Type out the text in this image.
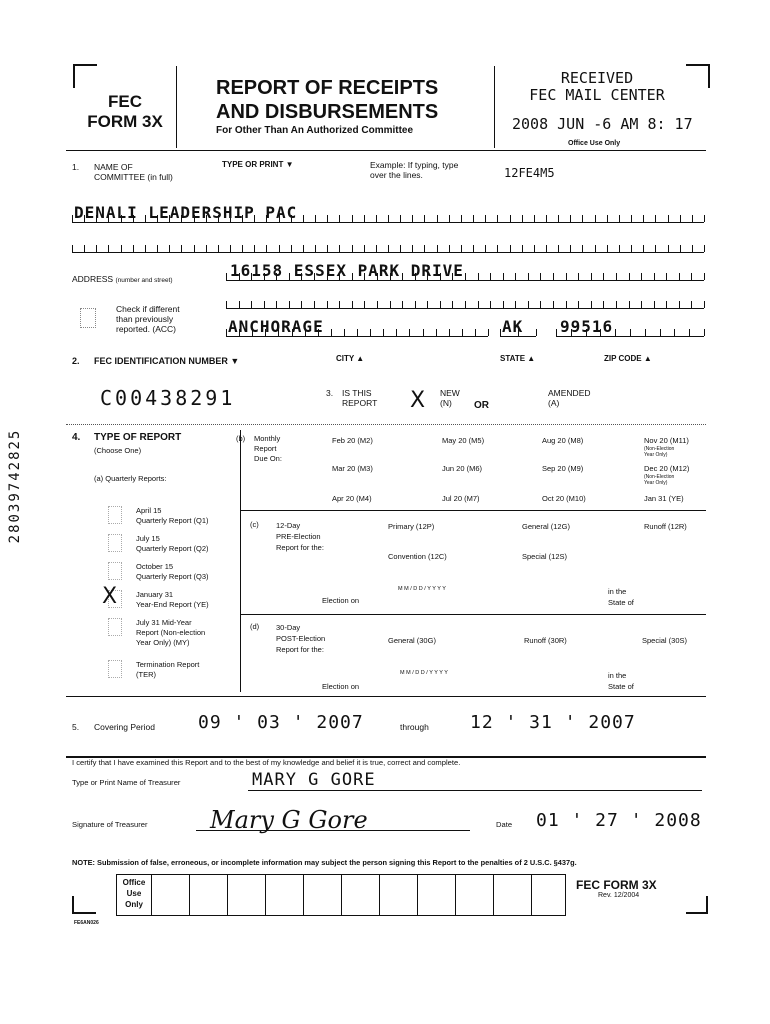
FEC
FORM 3X
REPORT OF RECEIPTS
AND DISBURSEMENTS
For Other Than An Authorized Committee
RECEIVED
FEC MAIL CENTER
2008 JUN -6 AM 8: 17
Office Use Only
28039742825
1. NAME OF
COMMITTEE (in full)
TYPE OR PRINT ▼	Example: If typing, type
over the lines.	12FE4M5
DENALI LEADERSHIP PAC
ADDRESS (number and street)
16158 ESSEX PARK DRIVE
Check if different
than previously
reported. (ACC)	ANCHORAGE	AK 99516
2. FEC IDENTIFICATION NUMBER ▼	CITY ▲	STATE ▲	ZIP CODE ▲
C00438291	3. IS THIS
REPORT X NEW
(N)	OR
AMENDED
(A)
4. TYPE OF REPORT
(Choose One)
(a) Quarterly Reports:
April 15
Quarterly Report (Q1)
July 15
Quarterly Report (Q2)
October 15
Quarterly Report (Q3)
January 31
Year-End Report (YE)
July 31 Mid-Year
Report (Non-election
Year Only) (MY)
Termination Report
(TER)
X
(b) Monthly
Report
Due On:
Feb 20 (M2)	May 20 (M5)	Aug 20 (M8)	Nov 20 (M11)
Mar 20 (M3)	Jun 20 (M6)	Sep 20 (M9)	Dec 20 (M12)
Apr 20 (M4)	Jul 20 (M7)	Oct 20 (M10)	Jan 31 (YE)
(Non-Election
Year Only)
(Non-Election
Year Only)
(c) 12-Day
PRE-Election
Report for the:
Primary (12P)	General (12G)	Runoff (12R)
Convention (12C)	Special (12S)
M M / D D / Y Y Y Y
Election on
in the
State of
(d) 30-Day
POST-Election
Report for the:
General (30G)	Runoff (30R)	Special (30S)
M M / D D / Y Y Y Y
Election on
in the
State of
5. Covering Period 09 ' 03 ' 2007	through 12 ' 31 ' 2007
I certify that I have examined this Report and to the best of my knowledge and belief it is true, correct and complete.
Type or Print Name of Treasurer	MARY G GORE
Signature of Treasurer	Mary G Gore	Date 01 ' 27 ' 2008
NOTE: Submission of false, erroneous, or incomplete information may subject the person signing this Report to the penalties of 2 U.S.C. §437g.
Office
Use
Only
FEC FORM 3X
Rev. 12/2004
FE6AN026
